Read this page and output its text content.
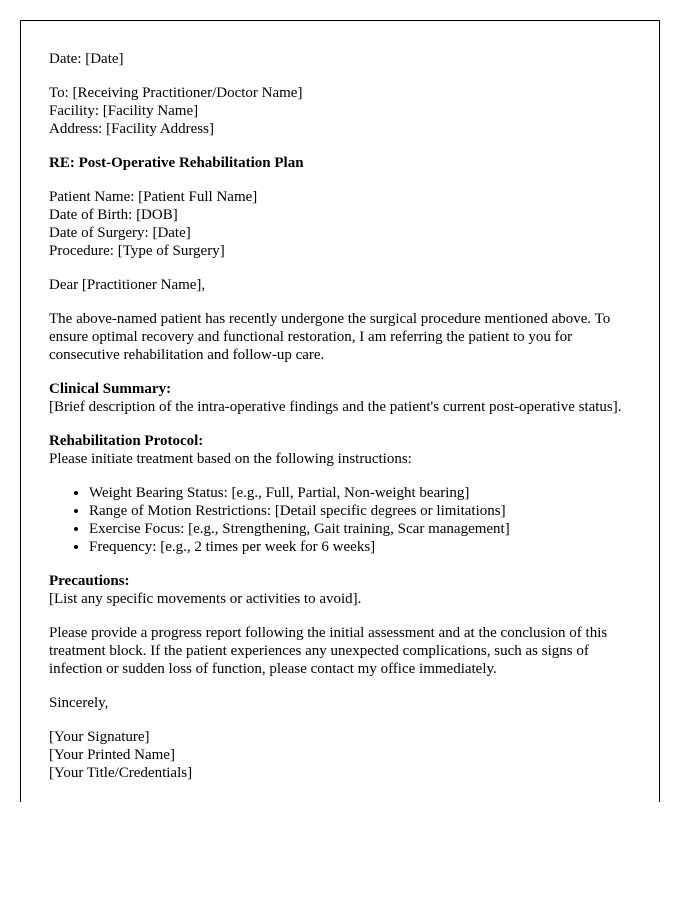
Date: [Date]

To: [Receiving Practitioner/Doctor Name]
Facility: [Facility Name]
Address: [Facility Address]

RE: Post-Operative Rehabilitation Plan

Patient Name: [Patient Full Name]
Date of Birth: [DOB]
Date of Surgery: [Date]
Procedure: [Type of Surgery]

Dear [Practitioner Name],

The above-named patient has recently undergone the surgical procedure mentioned above. To ensure optimal recovery and functional restoration, I am referring the patient to you for consecutive rehabilitation and follow-up care.

Clinical Summary:
[Brief description of the intra-operative findings and the patient's current post-operative status].

Rehabilitation Protocol:
Please initiate treatment based on the following instructions:
• Weight Bearing Status: [e.g., Full, Partial, Non-weight bearing]
• Range of Motion Restrictions: [Detail specific degrees or limitations]
• Exercise Focus: [e.g., Strengthening, Gait training, Scar management]
• Frequency: [e.g., 2 times per week for 6 weeks]

Precautions:
[List any specific movements or activities to avoid].

Please provide a progress report following the initial assessment and at the conclusion of this treatment block. If the patient experiences any unexpected complications, such as signs of infection or sudden loss of function, please contact my office immediately.

Sincerely,

[Your Signature]
[Your Printed Name]
[Your Title/Credentials]
